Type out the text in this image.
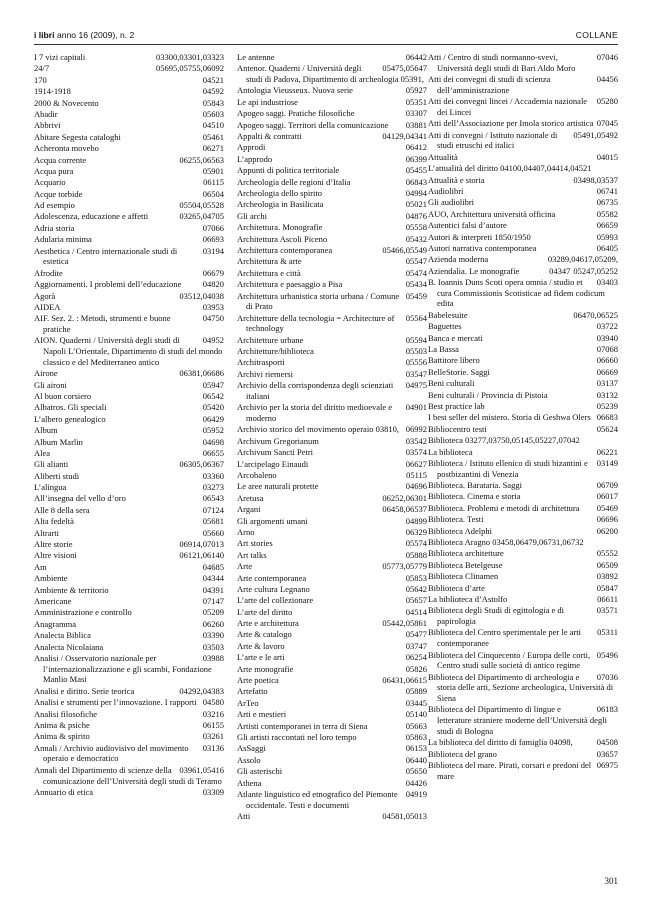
i libri anno 16 (2009), n. 2	COLLANE
03300,03301,03323
I 7 vizi capitali
05695,05755,06092
24/7
04521
170
04592
1914-1918
05843
2000 & Novecento
05603
Abadir
04510
Abbrivi
05461
Abitare Segesta cataloghi
06271
Acheronta movebo
06255,06563
Acqua corrente
05901
Acqua pura
06115
Acquario
06504
Acque torbide
05504,05528
Ad esempio
03265,04705
Adolescenza, educazione e affetti
07066
Adria storia
06693
Adularia minima
03194
Aesthetica / Centro internazionale studi di estetica
06679
Afrodite
04820
Aggiornamenti. I problemi dell’educazione
03512,04038
Agorà
03953
AIDEA
04750
AIF. Sez. 2. : Metodi, strumenti e buone pratiche
04952
AION. Quaderni / Università degli studi di Napoli L’Orientale, Dipartimento di studi del mondo classico e del Mediterraneo antico
06381,06686
Airone
05947
Gli aironi
06542
Al buon corsiero
05420
Albatros. Gli speciali
06429
L’albero genealogico
05952
Album
04698
Album Marlin
06655
Alea
06305,06367
Gli alianti
03360
Aliberti studi
03273
L’alingua
06543
All’insegna del vello d’oro
07124
Alle 8 della sera
05681
Alta fedeltà
05660
Altrarti
06914,07013
Altre storie
06121,06140
Altre visioni
04685
Am
04344
Ambiente
04391
Ambiente & territorio
07147
Americane
05209
Amministrazione e controllo
06260
Anagramma
03390
Analecta Biblica
03503
Analecta Nicolaiana
03988
Analisi / Osservatorio nazionale per l’internazionalizzazione e gli scambi, Fondazione Manlio Masi
04292,04383
Analisi e diritto. Serie teorica
04580
Analisi e strumenti per l’innovazione. I rapporti
03216
Analisi filosofiche
06155
Anima & psiche
03261
Anima & spirito
03136
Annali / Archivio audiovisivo del movimento operaio e democratico
03961,05416
Annali del Dipartimento di scienze della comunicazione dell’Università degli studi di Teramo
03309
Annuario di etica
06442
Le antenne
05475,05647
Antenor. Quaderni / Università degli studi di Padova, Dipartimento di archeologia 05391,
05927
Antologia Vieusseux. Nuova serie
05351
Le api industriose
03307
Apogeo saggi. Pratiche filosofiche
03881
Apogeo saggi. Territori della comunicazione
04129,04341
Appalti & contratti
06412
Approdi
06399
L’approdo
05455
Appunti di politica territoriale
06843
Archeologia delle regioni d’Italia
04994
Archeologia dello spirito
05021
Archeologia in Basilicata
04876
Gli archi
05558
Architettura. Monografie
05432
Architettura Ascoli Piceno
05466,05549
Architettura contemporanea
05547
Architettura & arte
05474
Architettura e città
05434
Architettura e paesaggio a Pisa
05459
Architettura urbanistica storia urbana / Comune di Prato
05564
Architetture della tecnologia = Architecture of technology
05594
Architetture urbane
05503
Architetture/biblioteca
05556
Architrasporti
03547
Archivi riemersi
04975
Archivio della corrispondenza degli scienziati italiani
04901
Archivio per la storia del diritto medioevale e moderno
06992
Archivio storico del movimento operaio 03810,
03542
Archivum Gregorianum
03574
Archivum Sancti Petri
06627
L’arcipelago Einaudi
05115
Arcobaleno
04696
Le aree naturali protette
06252,06301
Aretusa
06458,06537
Argani
04899
Gli argomenti umani
06329
Arno
05574
Art stories
05888
Art talks
05773,05779
Arte
05853
Arte contemporanea
05642
Arte cultura Legnano
05657
L’arte del collezionare
04514
L’arte del diritto
05442,05861
Arte e architettura
05477
Arte & catalogo
03747
Arte & lavoro
06254
L’arte e le arti
05826
Arte monografie
06431,06615
Arte poetica
05889
Artefatto
03445
ArTeo
05140
Arti e mestieri
05663
Artisti contemporanei in terra di Siena
05863
Gli artisti raccontati nel loro tempo
06153
AsSaggi
06440
Assolo
05650
Gli asterischi
04426
Athena
04919
Atlante linguistico ed etnografico del Piemonte occidentale. Testi e documenti
04581,05013
Atti
07046
Atti / Centro di studi normanno-svevi, Università degli studi di Bari Aldo Moro
04456
Atti dei convegni di studi di scienza dell’amministrazione
05280
Atti dei convegni lincei / Accademia nazionale dei Lincei
07045
Atti dell’Associazione per Imola storico artistica
05491,05492
Atti di convegni / Istituto nazionale di studi etruschi ed italici
04015
Attualità
L’attualità del diritto 04100,04407,04414,04521
03498,03537
Attualità e storia
06741
Audiolibri
06735
Gli audiolibri
05582
AUO, Architettura università officina
06659
Autentici falsi d’autore
05993
Autori & interpreti 1850/1950
06405
Autori narrativa contemporanea
03289,04617,05209,
Azienda moderna
05247,05252
04347
Aziendalia. Le monografie
03403
B. Ioannis Duns Scoti opera omnia / studio et cura Commissionis Scotisticae ad fidem codicum edita
06470,06525
Babelesuite
03722
Baguettes
03940
Banca e mercati
07068
La Bassa
06660
Battitore libero
06669
BelleStorie. Saggi
03137
Beni culturali
03132
Beni culturali / Provincia di Pistoia
05239
Best practice lab
06683
I best seller del mistero. Storia di Geshwa Olers
05624
Bibliocentro testi
Biblioteca 03277,03750,05145,05227,07042
06221
La biblioteca
03149
Biblioteca / Istituto ellenico di studi bizantini e postbizantini di Venezia
06709
Biblioteca. Barataria. Saggi
06017
Biblioteca. Cinema e storia
05469
Biblioteca. Problemi e metodi di architettura
06696
Biblioteca. Testi
06200
Biblioteca Adelphi
Biblioteca Aragno 03458,06479,06731,06732
05552
Biblioteca architetture
06509
Biblioteca Betelgeuse
03892
Biblioteca Clinamen
05847
Biblioteca d’arte
06611
La biblioteca d’Astolfo
03571
Biblioteca degli Studi di egittologia e di papirologia
05311
Biblioteca del Centro sperimentale per le arti contemporanee
05496
Biblioteca del Cinquecento / Europa delle corti, Centro studi sulle società di antico regime
07036
Biblioteca del Dipartimento di archeologia e storia delle arti, Sezione archeologica, Università di Siena
06183
Biblioteca del Dipartimento di lingue e letterature straniere moderne dell’Università degli studi di Bologna
04508
La biblioteca del diritto di famiglia 04098,
03657
Biblioteca del grano
06975
Biblioteca del mare. Pirati, corsari e predoni del mare
301
